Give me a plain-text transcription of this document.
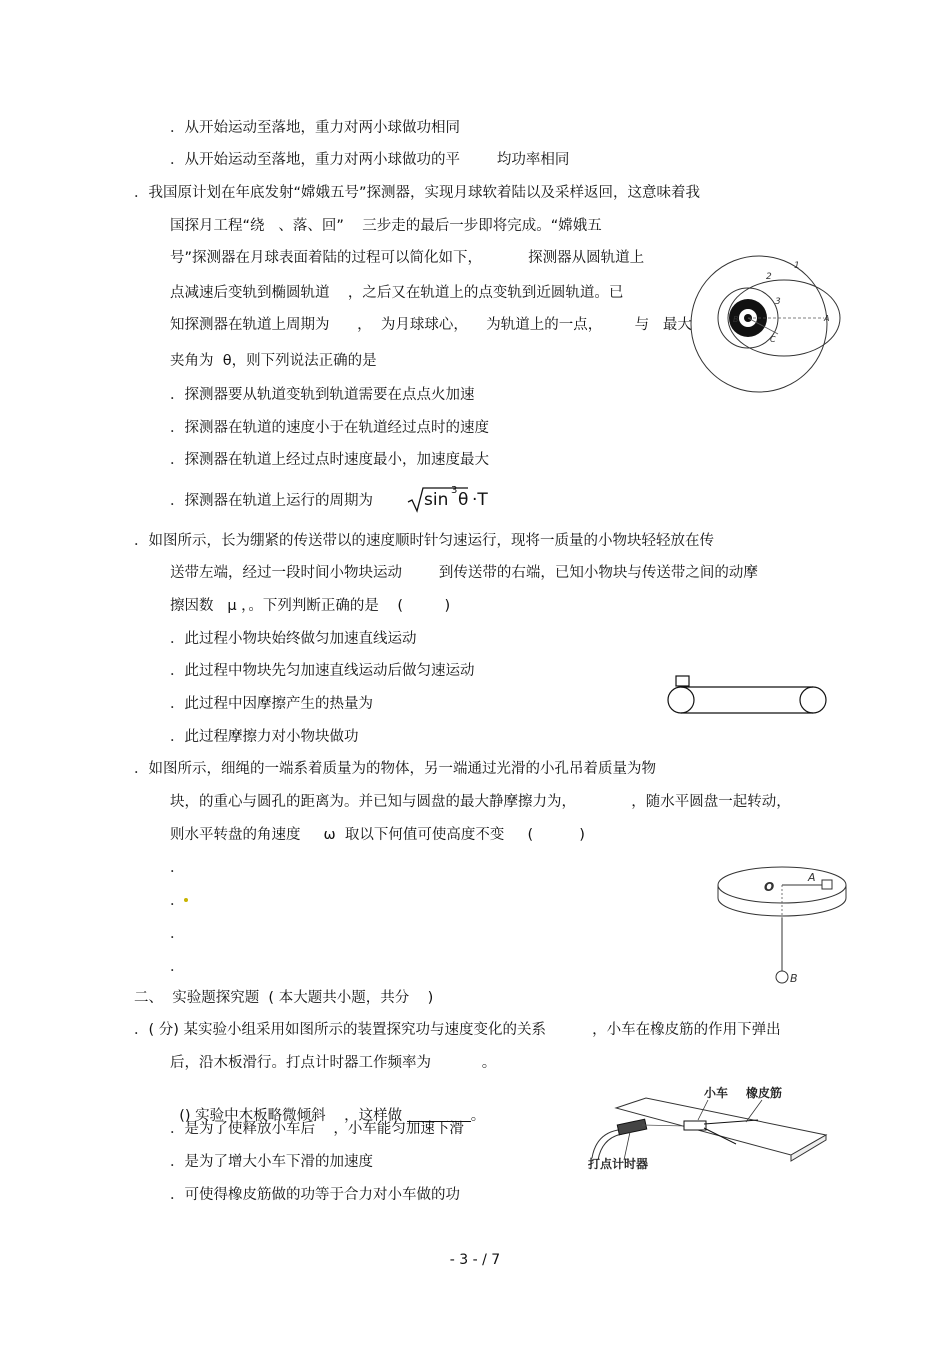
．从开始运动至落地，重力对两小球做功相同
．从开始运动至落地，重力对两小球做功的平        均功率相同
．我国原计划在年底发射“嫦娥五号”探测器，实现月球软着陆以及采样返回，这意味着我
国探月工程“绕   、落、回”    三步走的最后一步即将完成。“嫦娥五
号”探测器在月球表面着陆的过程可以简化如下，          探测器从圆轨道上
点减速后变轨到椭圆轨道    ，之后又在轨道上的点变轨到近圆轨道。已
知探测器在轨道上周期为      ，  为月球球心，    为轨道上的一点，       与   最大
夹角为  θ，则下列说法正确的是
．探测器要从轨道变轨到轨道需要在点点火加速
．探测器在轨道的速度小于在轨道经过点时的速度
．探测器在轨道上经过点时速度最小，加速度最大
．探测器在轨道上运行的周期为	sin 3 θ ·T
．如图所示，长为绷紧的传送带以的速度顺时针匀速运行，现将一质量的小物块轻轻放在传
送带左端，经过一段时间小物块运动        到传送带的右端，已知小物块与传送带之间的动摩
擦因数   μ ，。下列判断正确的是    (         )
．此过程小物块始终做匀加速直线运动
．此过程中物块先匀加速直线运动后做匀速运动
．此过程中因摩擦产生的热量为
．此过程摩擦力对小物块做功
．如图所示，细绳的一端系着质量为的物体，另一端通过光滑的小孔吊着质量为物
块，的重心与圆孔的距离为。并已知与圆盘的最大静摩擦力为，            ，随水平圆盘一起转动，
则水平转盘的角速度     ω  取以下何值可使高度不变     (          )
．
．
．
．
二、  实验题探究题  ( 本大题共小题，共分    )
．( 分) 某实验小组采用如图所示的装置探究功与速度变化的关系          ，小车在橡皮筋的作用下弹出
后，沿木板滑行。打点计时器工作频率为           。

() 实验中木板略微倾斜    ，这样做	。

．是为了使释放小车后    ，小车能匀加速下滑
．是为了增大小车下滑的加速度
．可使得橡皮筋做的功等于合力对小车做的功
1
2
3
B	A
C
O
A
B
小车 橡皮筋
打点计时器
- 3 - / 7
